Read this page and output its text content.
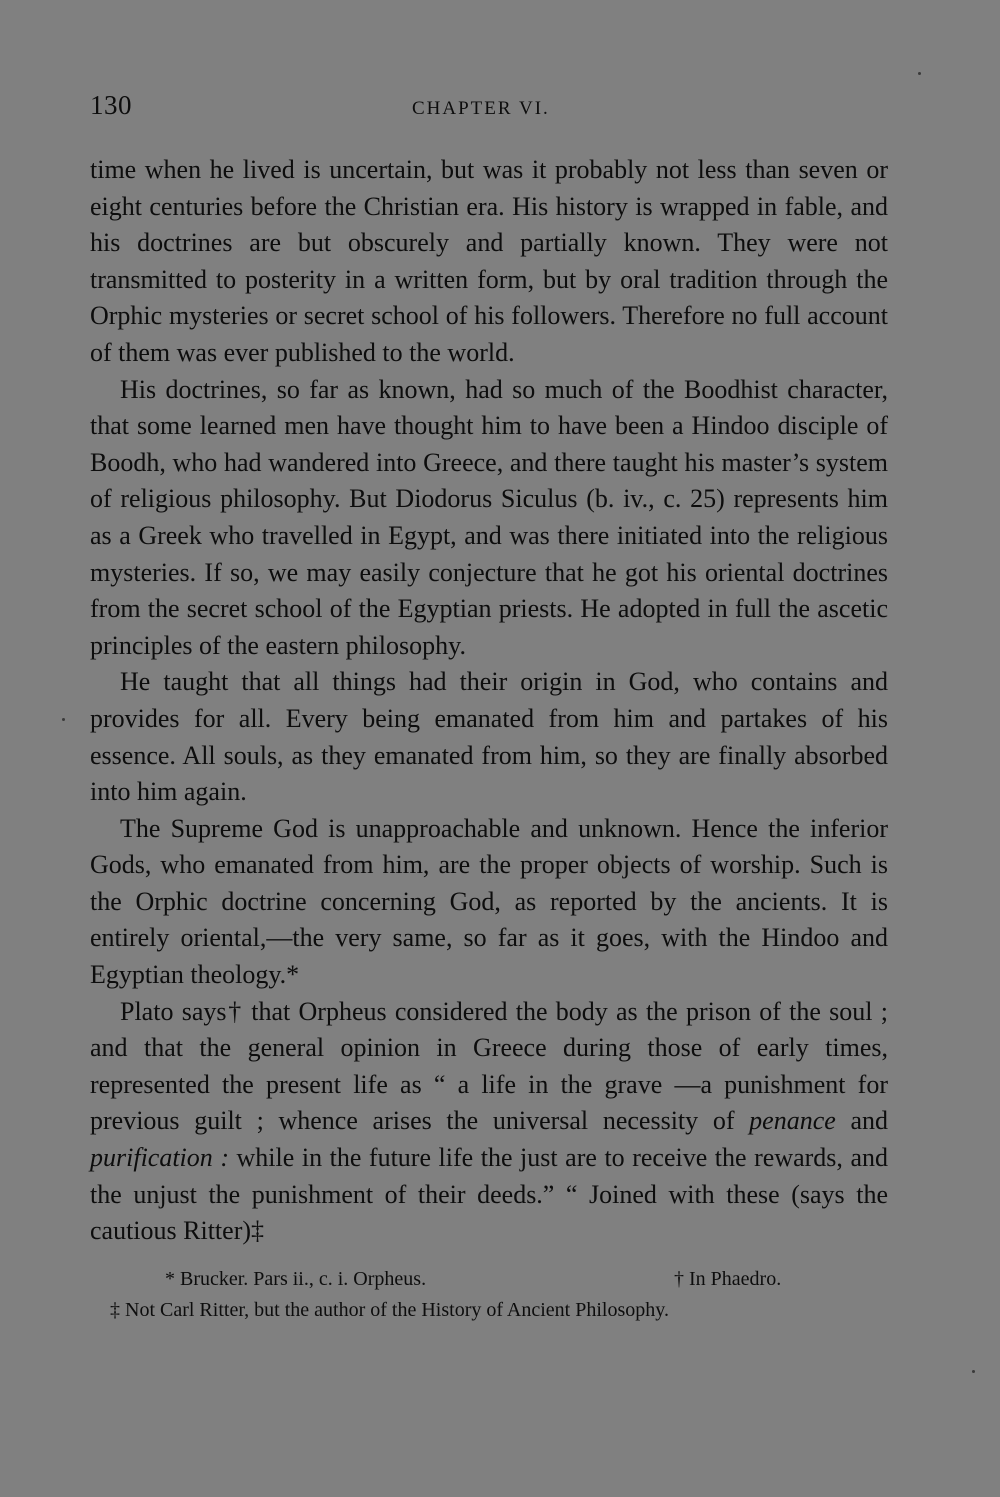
130	CHAPTER VI.

time when he lived is uncertain, but was it probably not less than seven or eight centuries before the Christian era. His history is wrapped in fable, and his doctrines are but obscurely and partially known. They were not transmitted to posterity in a written form, but by oral tradition through the Orphic mysteries or secret school of his followers. Therefore no full account of them was ever published to the world.

His doctrines, so far as known, had so much of the Boodhist character, that some learned men have thought him to have been a Hindoo disciple of Boodh, who had wandered into Greece, and there taught his master’s system of religious philosophy. But Diodorus Siculus (b. iv., c. 25) represents him as a Greek who travelled in Egypt, and was there initiated into the religious mysteries. If so, we may easily conjecture that he got his oriental doctrines from the secret school of the Egyptian priests. He adopted in full the ascetic principles of the eastern philosophy.

He taught that all things had their origin in God, who contains and provides for all. Every being emanated from him and partakes of his essence. All souls, as they emanated from him, so they are finally absorbed into him again.

The Supreme God is unapproachable and unknown. Hence the inferior Gods, who emanated from him, are the proper objects of worship. Such is the Orphic doctrine concerning God, as reported by the ancients. It is entirely oriental,—the very same, so far as it goes, with the Hindoo and Egyptian theology.*

Plato says† that Orpheus considered the body as the prison of the soul ; and that the general opinion in Greece during those of early times, represented the present life as “ a life in the grave —a punishment for previous guilt ; whence arises the universal necessity of penance and purification : while in the future life the just are to receive the rewards, and the unjust the punishment of their deeds.” “ Joined with these (says the cautious Ritter)‡

* Brucker. Pars ii., c. i. Orpheus.	† In Phaedro.
‡ Not Carl Ritter, but the author of the History of Ancient Philosophy.
